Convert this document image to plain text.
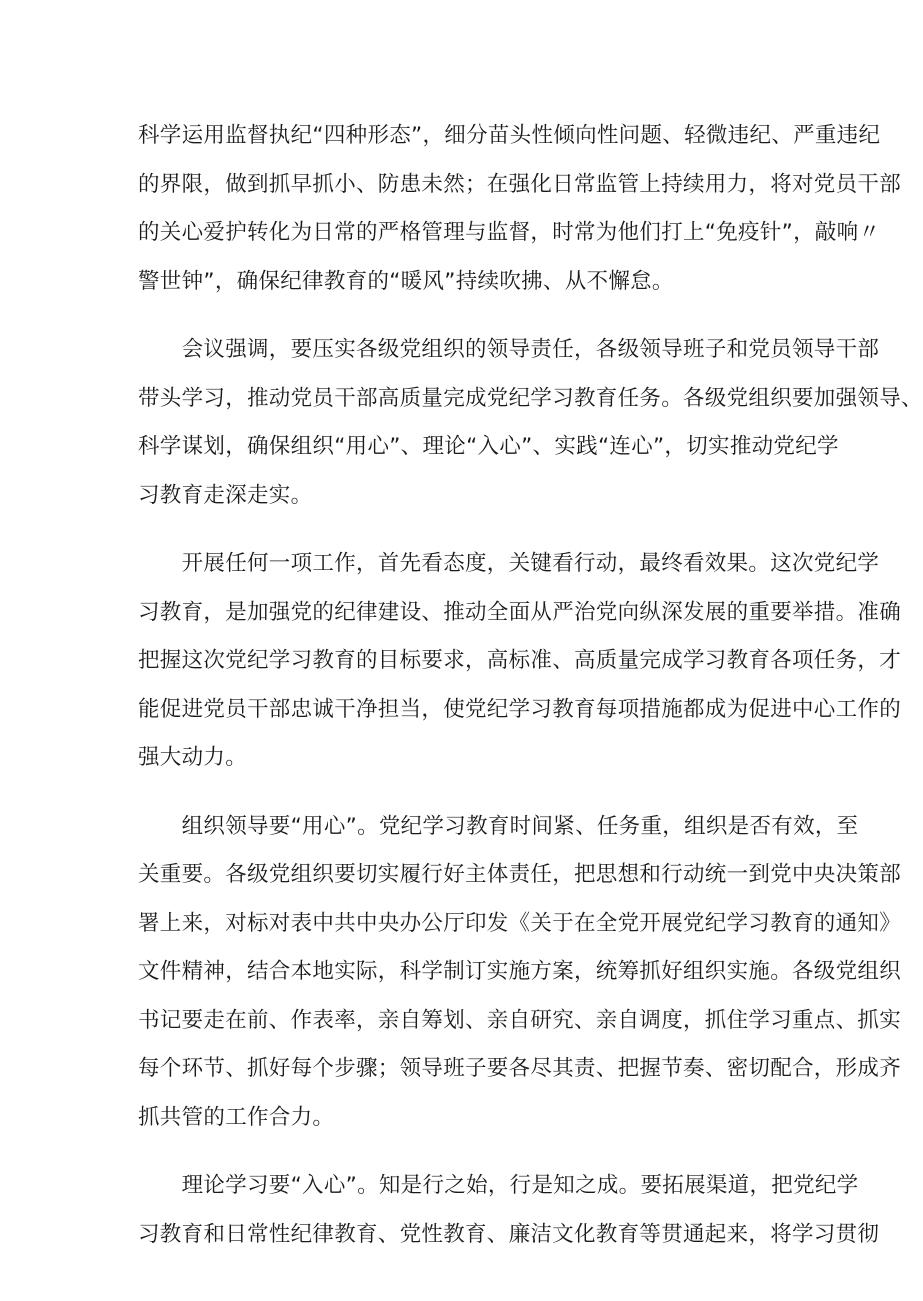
科学运用监督执纪“四种形态”，细分苗头性倾向性问题、轻微违纪、严重违纪
的界限，做到抓早抓小、防患未然；在强化日常监管上持续用力，将对党员干部
的关心爱护转化为日常的严格管理与监督，时常为他们打上“免疫针”，敲响〃
警世钟”，确保纪律教育的“暖风”持续吹拂、从不懈怠。
　　会议强调，要压实各级党组织的领导责任，各级领导班子和党员领导干部
带头学习，推动党员干部高质量完成党纪学习教育任务。各级党组织要加强领导、
科学谋划，确保组织“用心”、理论“入心”、实践“连心”，切实推动党纪学
习教育走深走实。
　　开展任何一项工作，首先看态度，关键看行动，最终看效果。这次党纪学
习教育，是加强党的纪律建设、推动全面从严治党向纵深发展的重要举措。准确
把握这次党纪学习教育的目标要求，高标准、高质量完成学习教育各项任务，才
能促进党员干部忠诚干净担当，使党纪学习教育每项措施都成为促进中心工作的
强大动力。
　　组织领导要“用心”。党纪学习教育时间紧、任务重，组织是否有效，至
关重要。各级党组织要切实履行好主体责任，把思想和行动统一到党中央决策部
署上来，对标对表中共中央办公厅印发《关于在全党开展党纪学习教育的通知》
文件精神，结合本地实际，科学制订实施方案，统筹抓好组织实施。各级党组织
书记要走在前、作表率，亲自筹划、亲自研究、亲自调度，抓住学习重点、抓实
每个环节、抓好每个步骤；领导班子要各尽其责、把握节奏、密切配合，形成齐
抓共管的工作合力。
　　理论学习要“入心”。知是行之始，行是知之成。要拓展渠道，把党纪学
习教育和日常性纪律教育、党性教育、廉洁文化教育等贯通起来，将学习贯彻
